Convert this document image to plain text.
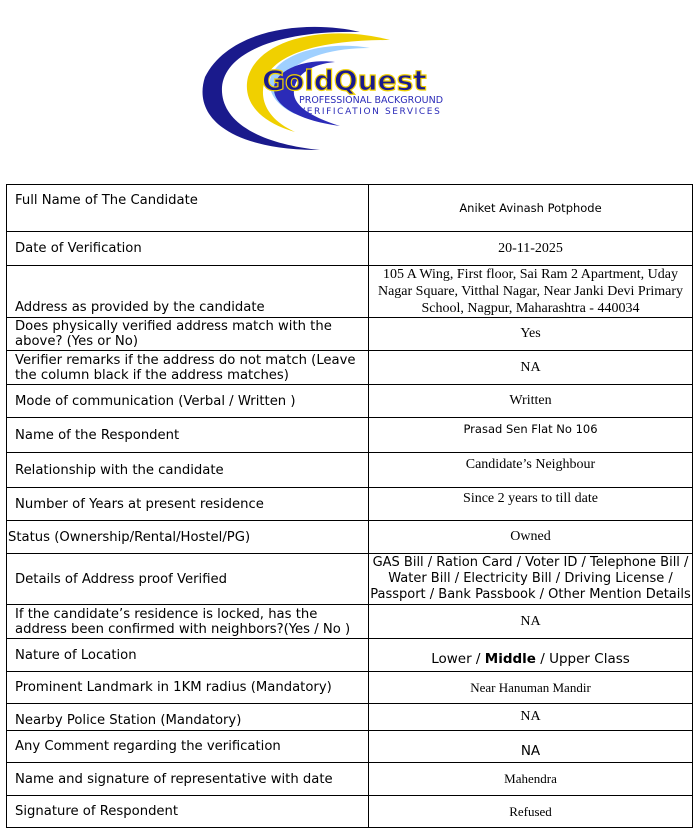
GoldQuest
PROFESSIONAL BACKGROUND
VERIFICATION SERVICES
Full Name of The Candidate	Aniket Avinash Potphode
Date of Verification	20-11-2025
Address as provided by the candidate	105 A Wing, First floor, Sai Ram 2 Apartment, Uday Nagar Square, Vitthal Nagar, Near Janki Devi Primary School, Nagpur, Maharashtra - 440034
Does physically verified address match with the above? (Yes or No)	Yes
Verifier remarks if the address do not match (Leave the column black if the address matches)	NA
Mode of communication (Verbal / Written )	Written
Name of the Respondent	Prasad Sen Flat No 106
Relationship with the candidate	Candidate’s Neighbour
Number of Years at present residence	Since 2 years to till date
Status (Ownership/Rental/Hostel/PG)	Owned
Details of Address proof Verified	GAS Bill / Ration Card / Voter ID / Telephone Bill / Water Bill / Electricity Bill / Driving License / Passport / Bank Passbook / Other Mention Details
If the candidate’s residence is locked, has the address been confirmed with neighbors?(Yes / No )	NA
Nature of Location	Lower / Middle / Upper Class
Prominent Landmark in 1KM radius (Mandatory)	Near Hanuman Mandir
Nearby Police Station (Mandatory)	NA
Any Comment regarding the verification	NA
Name and signature of representative with date	Mahendra
Signature of Respondent	Refused
